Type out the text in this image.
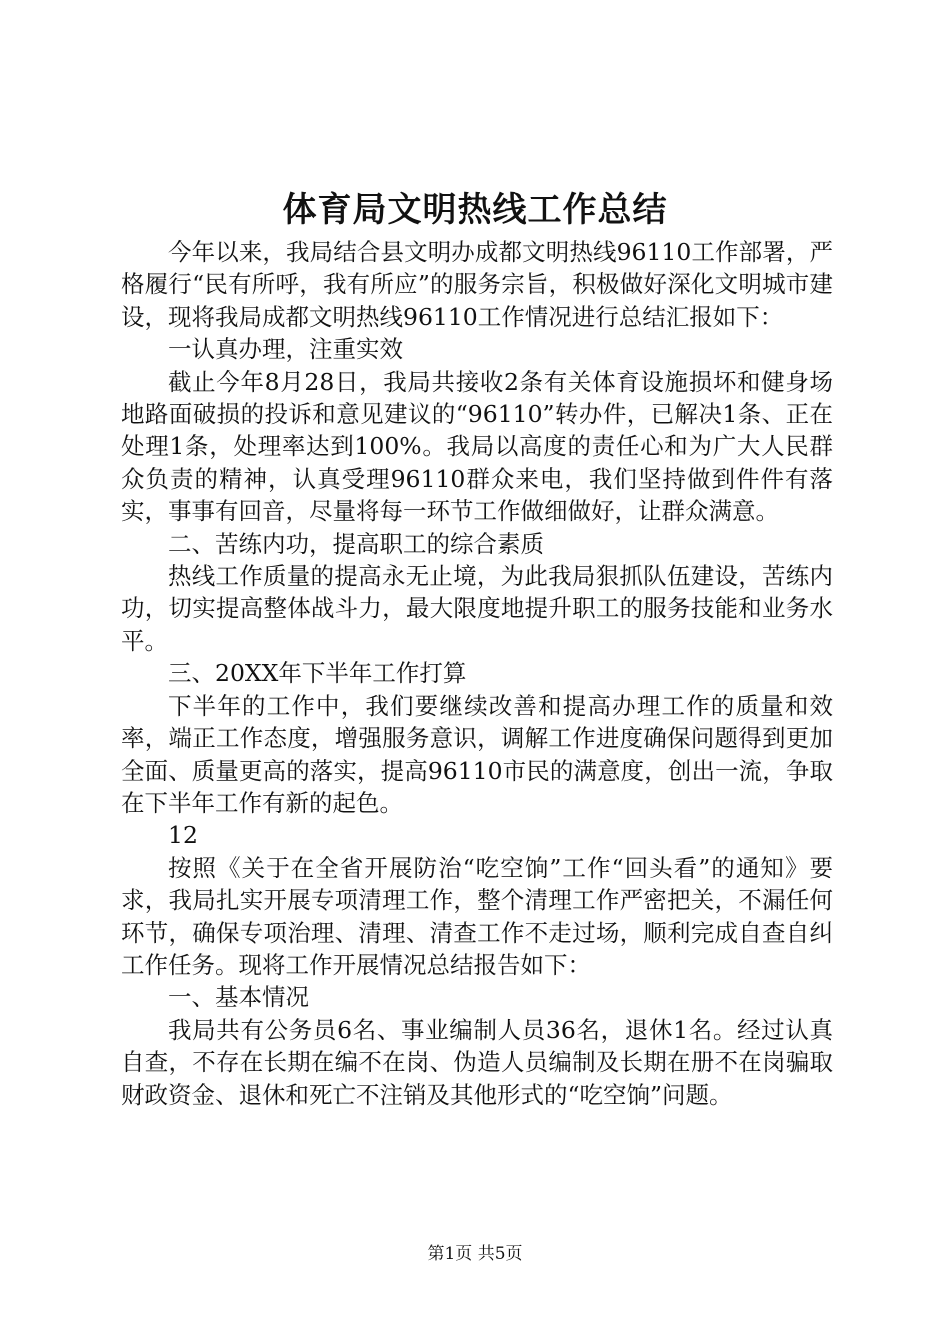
体育局文明热线工作总结

今年以来，我局结合县文明办成都文明热线96110工作部署，严格履行“民有所呼，我有所应”的服务宗旨，积极做好深化文明城市建设，现将我局成都文明热线96110工作情况进行总结汇报如下：

一认真办理，注重实效

截止今年8月28日，我局共接收2条有关体育设施损坏和健身场地路面破损的投诉和意见建议的“96110”转办件，已解决1条、正在处理1条，处理率达到100%。我局以高度的责任心和为广大人民群众负责的精神，认真受理96110群众来电，我们坚持做到件件有落实，事事有回音，尽量将每一环节工作做细做好，让群众满意。

二、苦练内功，提高职工的综合素质

热线工作质量的提高永无止境，为此我局狠抓队伍建设，苦练内功，切实提高整体战斗力，最大限度地提升职工的服务技能和业务水平。

三、20XX年下半年工作打算

下半年的工作中，我们要继续改善和提高办理工作的质量和效率，端正工作态度，增强服务意识，调解工作进度确保问题得到更加全面、质量更高的落实，提高96110市民的满意度，创出一流，争取在下半年工作有新的起色。

12

按照《关于在全省开展防治“吃空饷”工作“回头看”的通知》要求，我局扎实开展专项清理工作，整个清理工作严密把关，不漏任何环节，确保专项治理、清理、清查工作不走过场，顺利完成自查自纠工作任务。现将工作开展情况总结报告如下：

一、基本情况

我局共有公务员6名、事业编制人员36名，退休1名。经过认真自查，不存在长期在编不在岗、伪造人员编制及长期在册不在岗骗取财政资金、退休和死亡不注销及其他形式的“吃空饷”问题。

第1页 共5页
